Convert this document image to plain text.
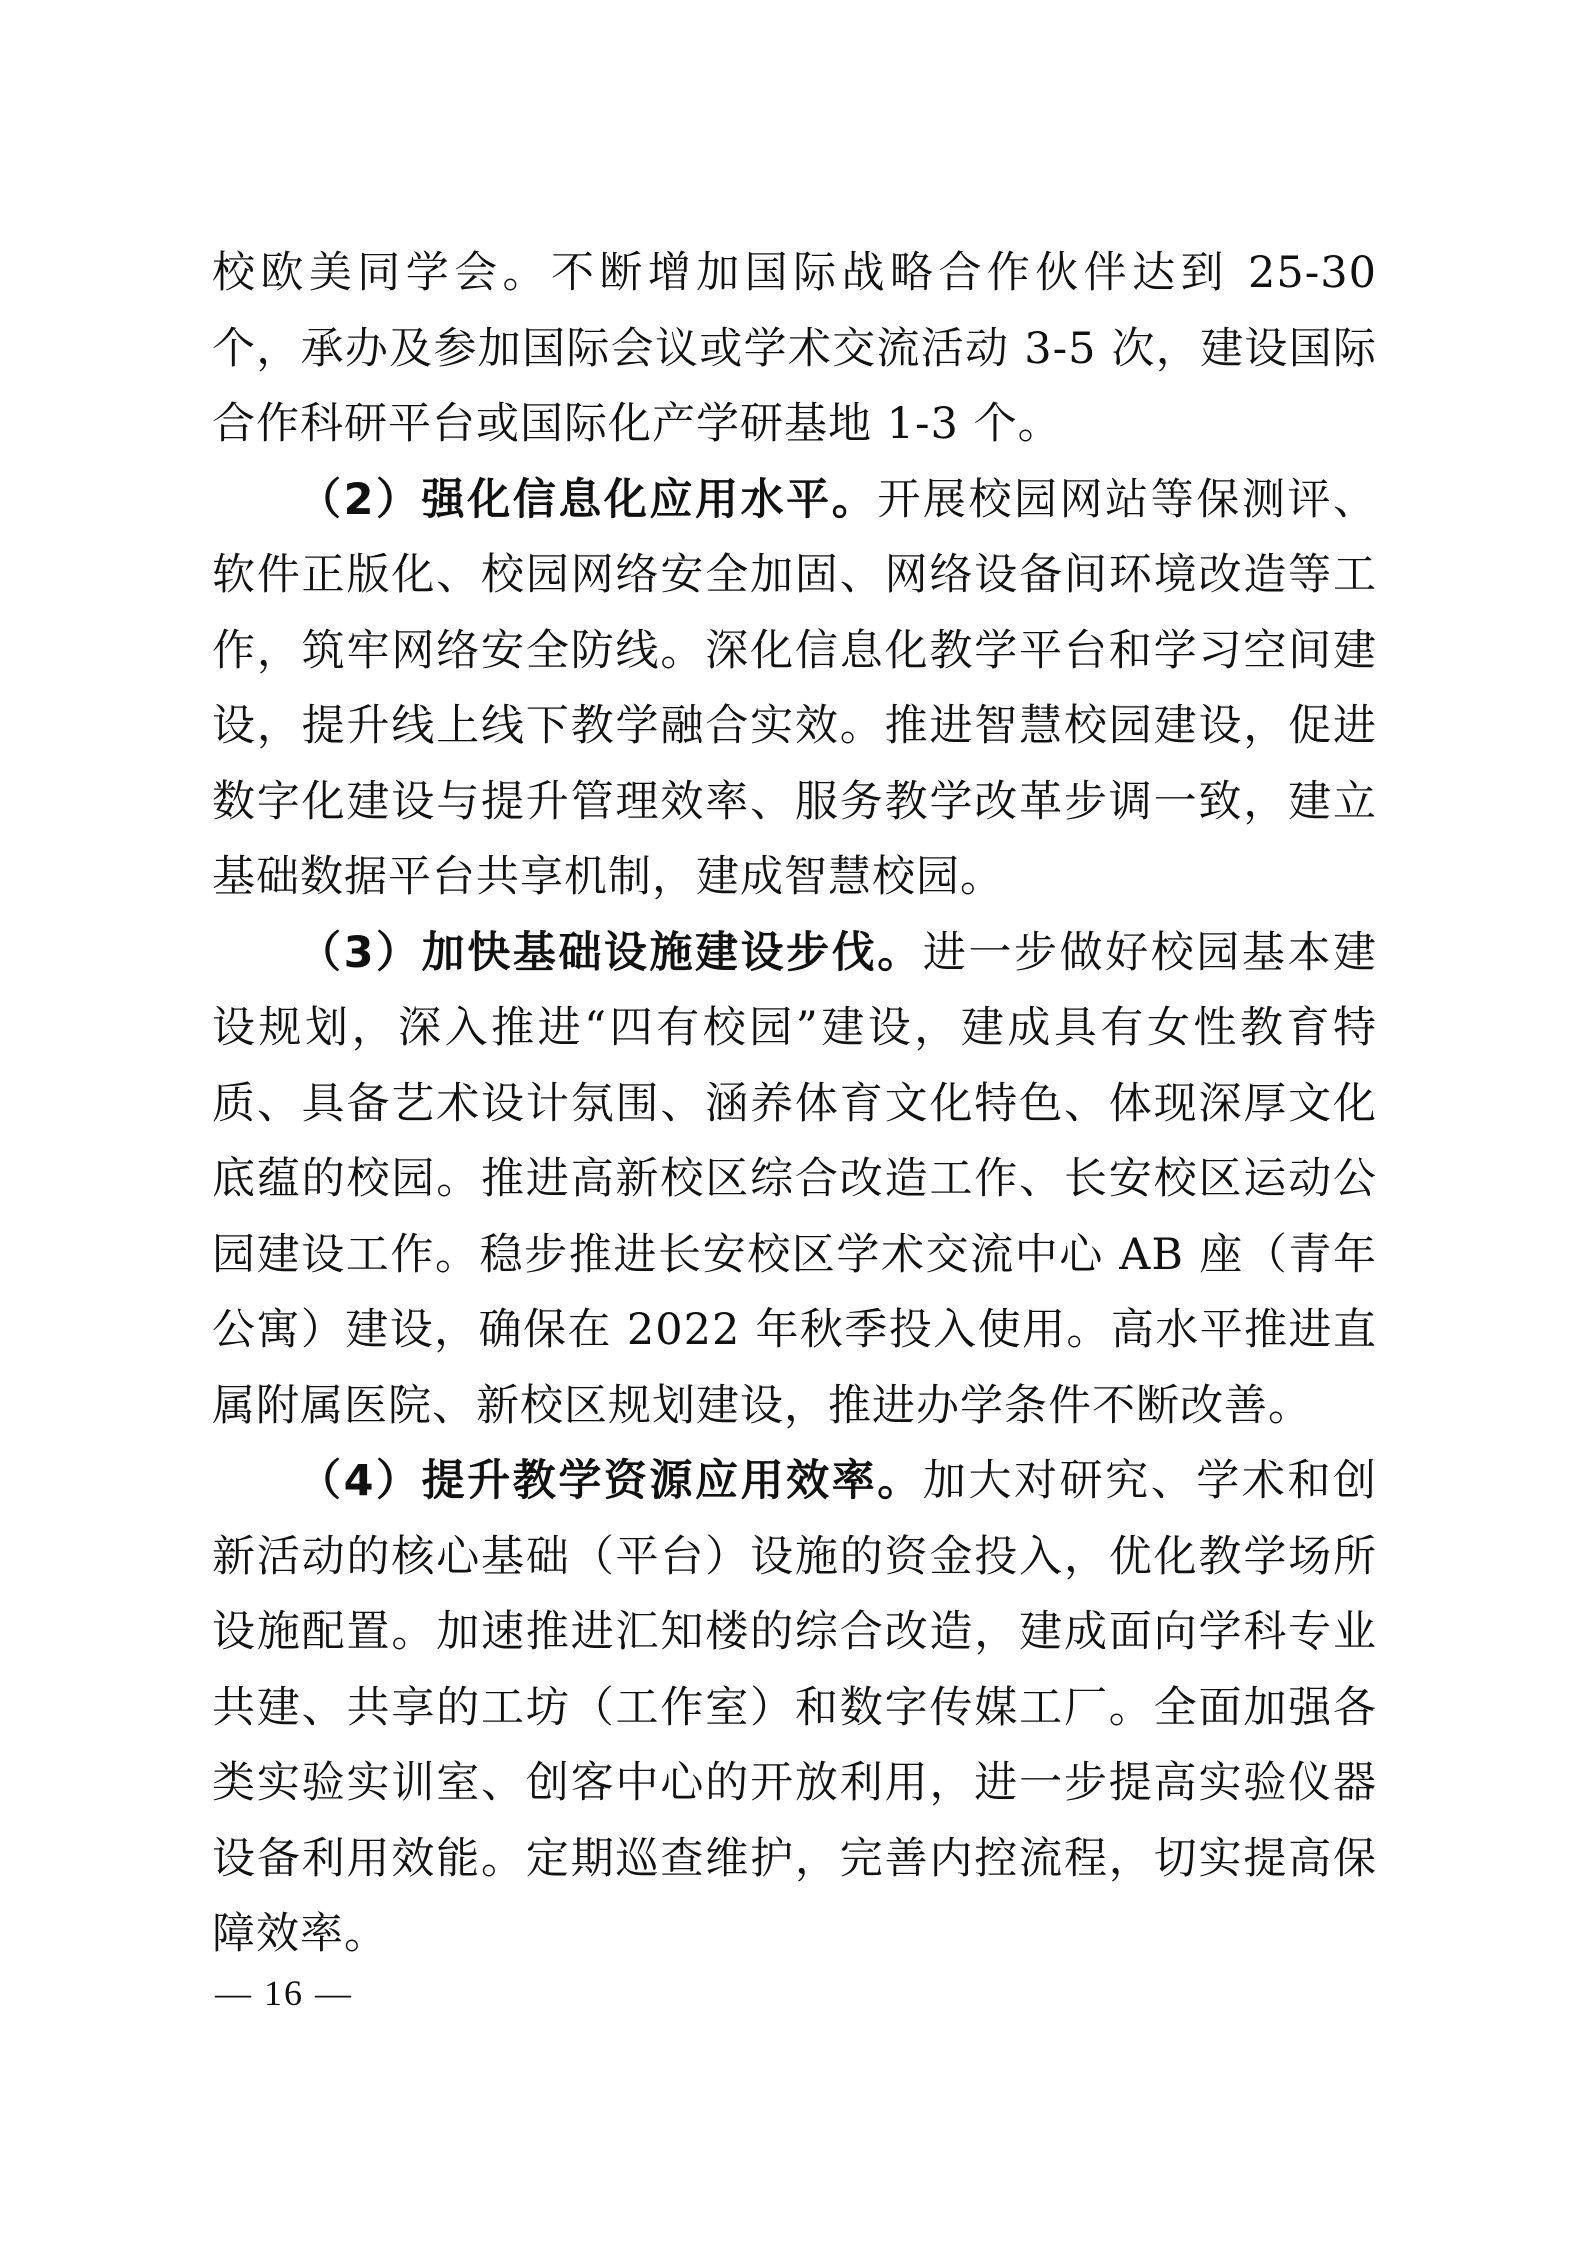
校欧美同学会。不断增加国际战略合作伙伴达到 25-30 个，承办及参加国际会议或学术交流活动 3-5 次，建设国际合作科研平台或国际化产学研基地 1-3 个。

（2）强化信息化应用水平。开展校园网站等保测评、软件正版化、校园网络安全加固、网络设备间环境改造等工作，筑牢网络安全防线。深化信息化教学平台和学习空间建设，提升线上线下教学融合实效。推进智慧校园建设，促进数字化建设与提升管理效率、服务教学改革步调一致，建立基础数据平台共享机制，建成智慧校园。

（3）加快基础设施建设步伐。进一步做好校园基本建设规划，深入推进“四有校园”建设，建成具有女性教育特质、具备艺术设计氛围、涵养体育文化特色、体现深厚文化底蕴的校园。推进高新校区综合改造工作、长安校区运动公园建设工作。稳步推进长安校区学术交流中心 AB 座（青年公寓）建设，确保在 2022 年秋季投入使用。高水平推进直属附属医院、新校区规划建设，推进办学条件不断改善。

（4）提升教学资源应用效率。加大对研究、学术和创新活动的核心基础（平台）设施的资金投入，优化教学场所设施配置。加速推进汇知楼的综合改造，建成面向学科专业共建、共享的工坊（工作室）和数字传媒工厂。全面加强各类实验实训室、创客中心的开放利用，进一步提高实验仪器设备利用效能。定期巡查维护，完善内控流程，切实提高保障效率。

— 16 —
